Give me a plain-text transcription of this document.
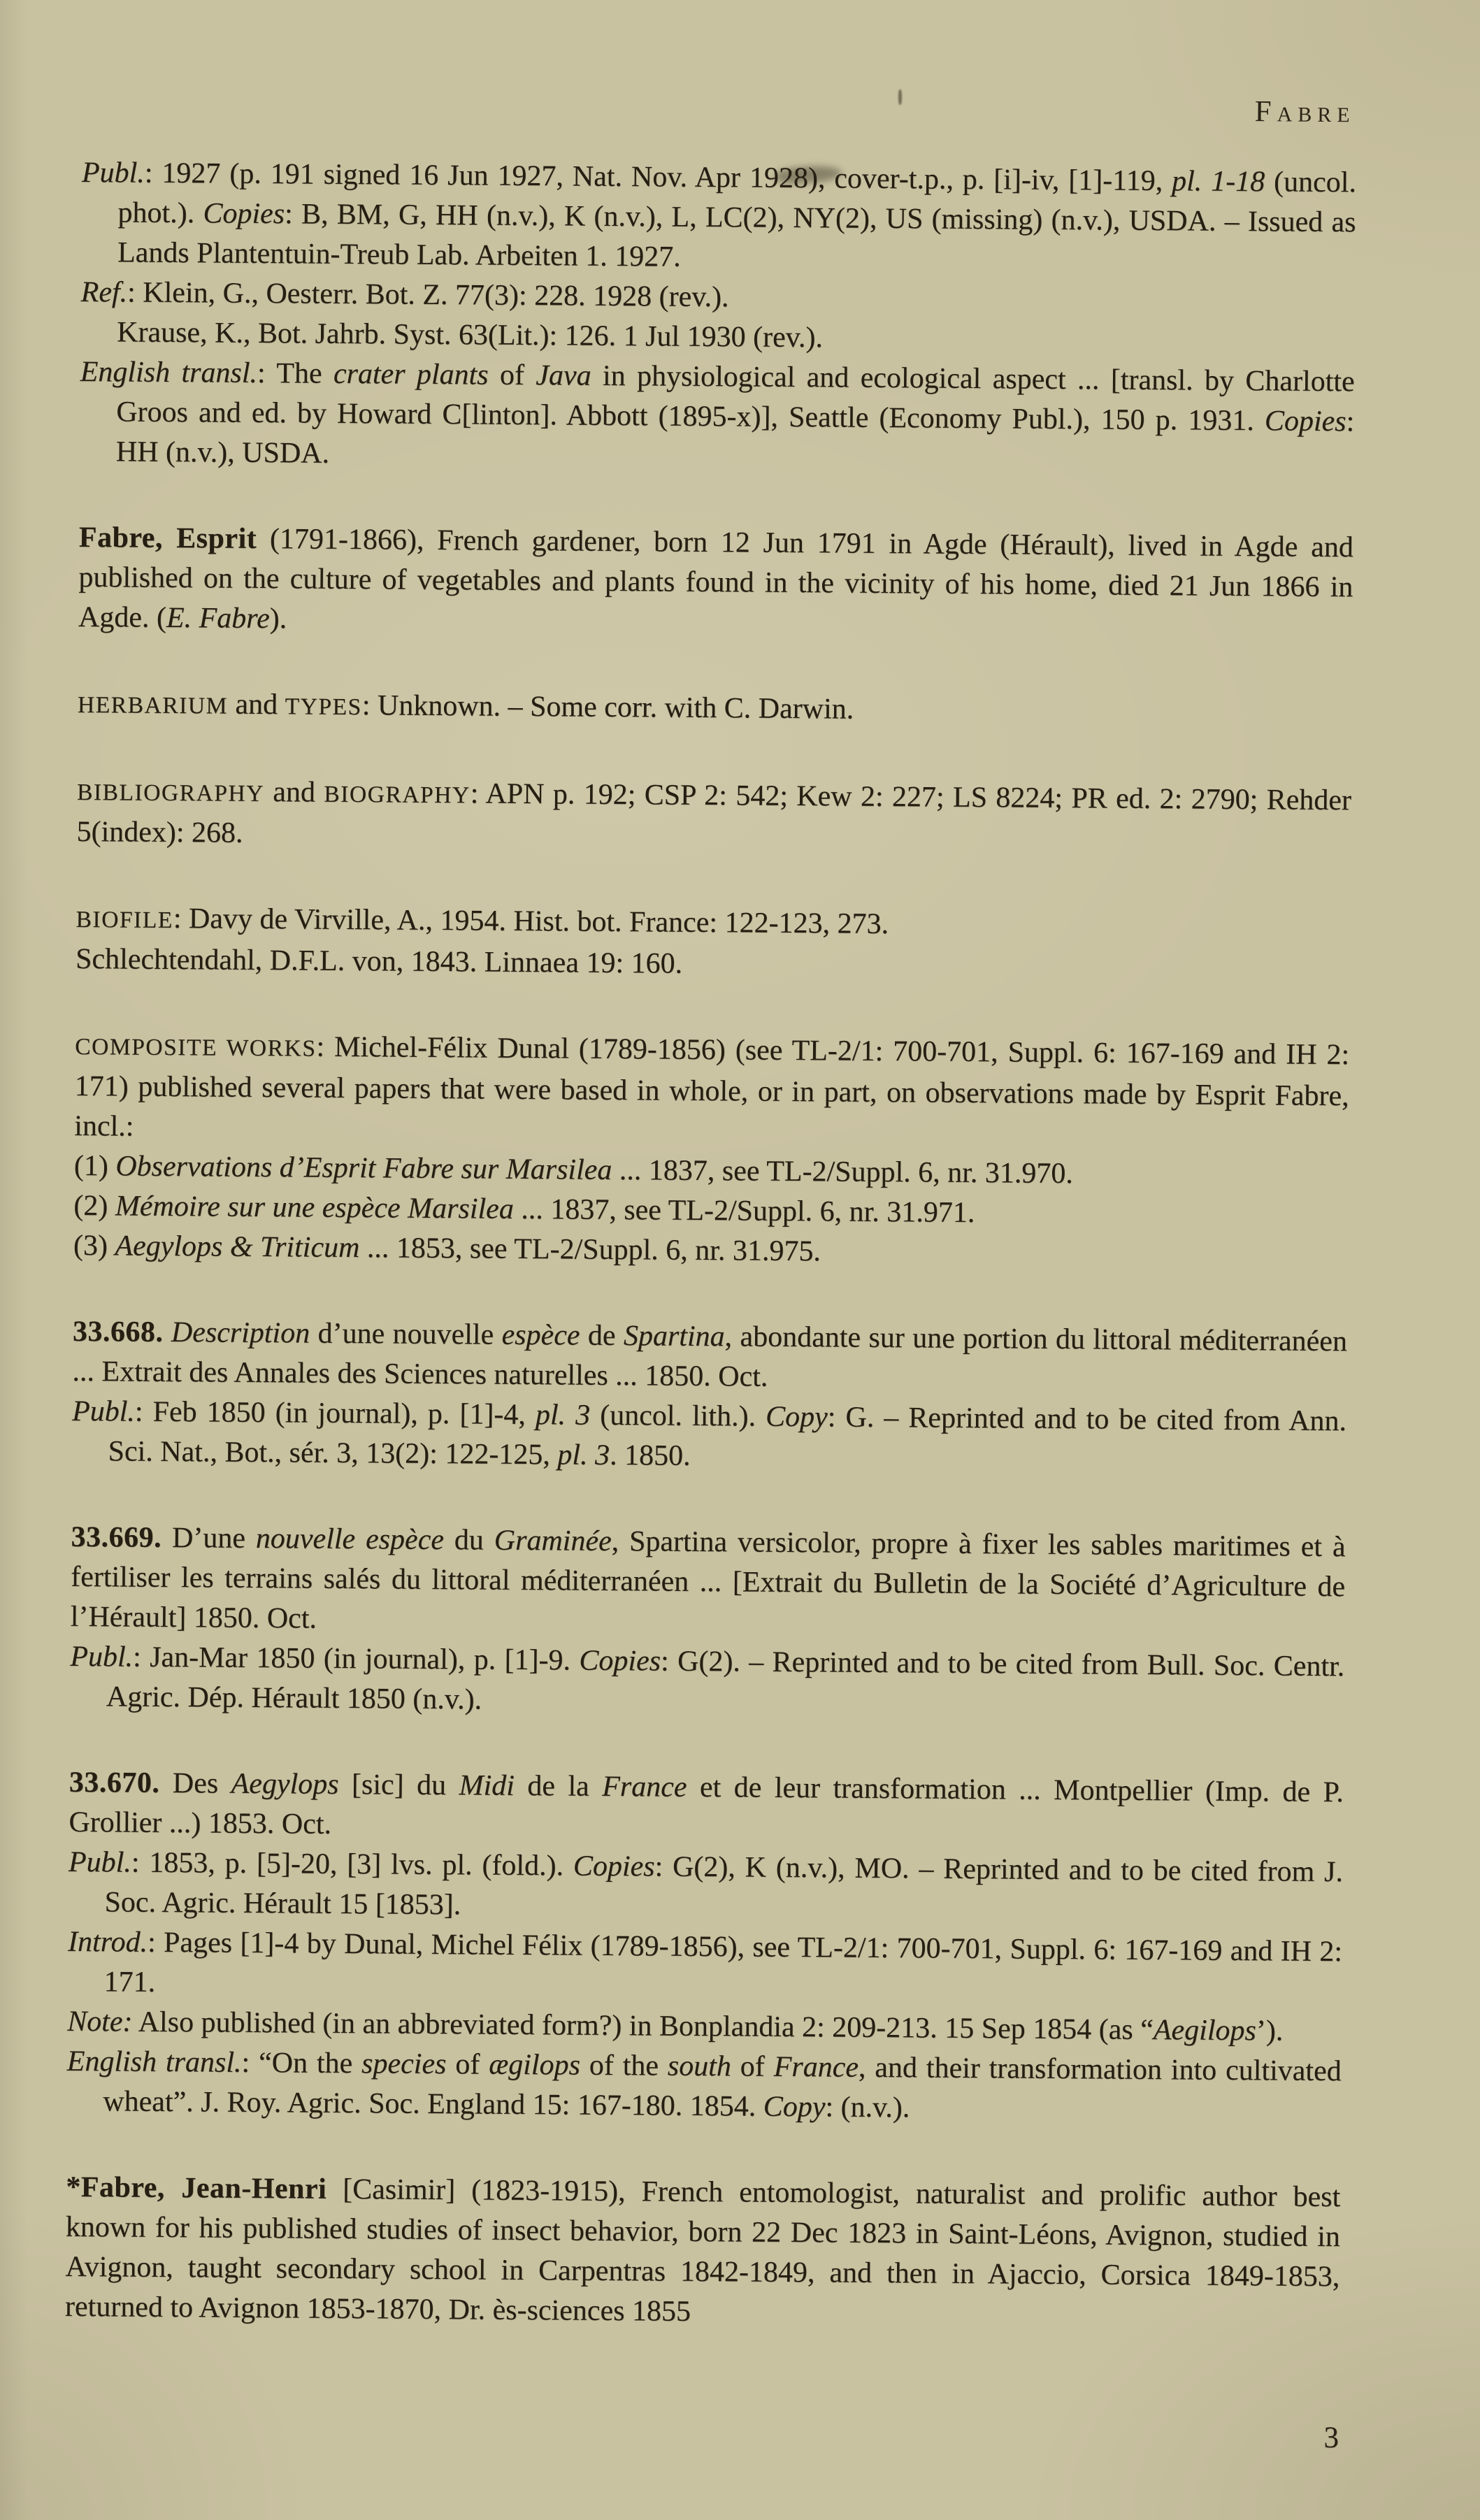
Fabre

Publ.: 1927 (p. 191 signed 16 Jun 1927, Nat. Nov. Apr 1928), cover-t.p., p. [i]-iv, [1]-119, pl. 1-18 (uncol. phot.). Copies: B, BM, G, HH (n.v.), K (n.v.), L, LC(2), NY(2), US (missing) (n.v.), USDA. – Issued as Lands Plantentuin-Treub Lab. Arbeiten 1. 1927.

Ref.: Klein, G., Oesterr. Bot. Z. 77(3): 228. 1928 (rev.).

Krause, K., Bot. Jahrb. Syst. 63(Lit.): 126. 1 Jul 1930 (rev.).

English transl.: The crater plants of Java in physiological and ecological aspect ... [transl. by Charlotte Groos and ed. by Howard C[linton]. Abbott (1895-x)], Seattle (Economy Publ.), 150 p. 1931. Copies: HH (n.v.), USDA.

Fabre, Esprit (1791-1866), French gardener, born 12 Jun 1791 in Agde (Hérault), lived in Agde and published on the culture of vegetables and plants found in the vicinity of his home, died 21 Jun 1866 in Agde. (E. Fabre).

HERBARIUM and TYPES: Unknown. – Some corr. with C. Darwin.

BIBLIOGRAPHY and BIOGRAPHY: APN p. 192; CSP 2: 542; Kew 2: 227; LS 8224; PR ed. 2: 2790; Rehder 5(index): 268.

BIOFILE: Davy de Virville, A., 1954. Hist. bot. France: 122-123, 273.

Schlechtendahl, D.F.L. von, 1843. Linnaea 19: 160.

COMPOSITE WORKS: Michel-Félix Dunal (1789-1856) (see TL-2/1: 700-701, Suppl. 6: 167-169 and IH 2: 171) published several papers that were based in whole, or in part, on observations made by Esprit Fabre, incl.:

(1) Observations d’Esprit Fabre sur Marsilea ... 1837, see TL-2/Suppl. 6, nr. 31.970.

(2) Mémoire sur une espèce Marsilea ... 1837, see TL-2/Suppl. 6, nr. 31.971.

(3) Aegylops & Triticum ... 1853, see TL-2/Suppl. 6, nr. 31.975.

33.668. Description d’une nouvelle espèce de Spartina, abondante sur une portion du littoral méditerranéen ... Extrait des Annales des Sciences naturelles ... 1850. Oct.

Publ.: Feb 1850 (in journal), p. [1]-4, pl. 3 (uncol. lith.). Copy: G. – Reprinted and to be cited from Ann. Sci. Nat., Bot., sér. 3, 13(2): 122-125, pl. 3. 1850.

33.669. D’une nouvelle espèce du Graminée, Spartina versicolor, propre à fixer les sables maritimes et à fertiliser les terrains salés du littoral méditerranéen ... [Extrait du Bulletin de la Société d’Agriculture de l’Hérault] 1850. Oct.

Publ.: Jan-Mar 1850 (in journal), p. [1]-9. Copies: G(2). – Reprinted and to be cited from Bull. Soc. Centr. Agric. Dép. Hérault 1850 (n.v.).

33.670. Des Aegylops [sic] du Midi de la France et de leur transformation ... Montpellier (Imp. de P. Grollier ...) 1853. Oct.

Publ.: 1853, p. [5]-20, [3] lvs. pl. (fold.). Copies: G(2), K (n.v.), MO. – Reprinted and to be cited from J. Soc. Agric. Hérault 15 [1853].

Introd.: Pages [1]-4 by Dunal, Michel Félix (1789-1856), see TL-2/1: 700-701, Suppl. 6: 167-169 and IH 2: 171.

Note: Also published (in an abbreviated form?) in Bonplandia 2: 209-213. 15 Sep 1854 (as “Aegilops’).

English transl.: “On the species of ægilops of the south of France, and their transformation into cultivated wheat”. J. Roy. Agric. Soc. England 15: 167-180. 1854. Copy: (n.v.).

*Fabre, Jean-Henri [Casimir] (1823-1915), French entomologist, naturalist and prolific author best known for his published studies of insect behavior, born 22 Dec 1823 in Saint-Léons, Avignon, studied in Avignon, taught secondary school in Carpentras 1842-1849, and then in Ajaccio, Corsica 1849-1853, returned to Avignon 1853-1870, Dr. ès-sciences 1855

3
